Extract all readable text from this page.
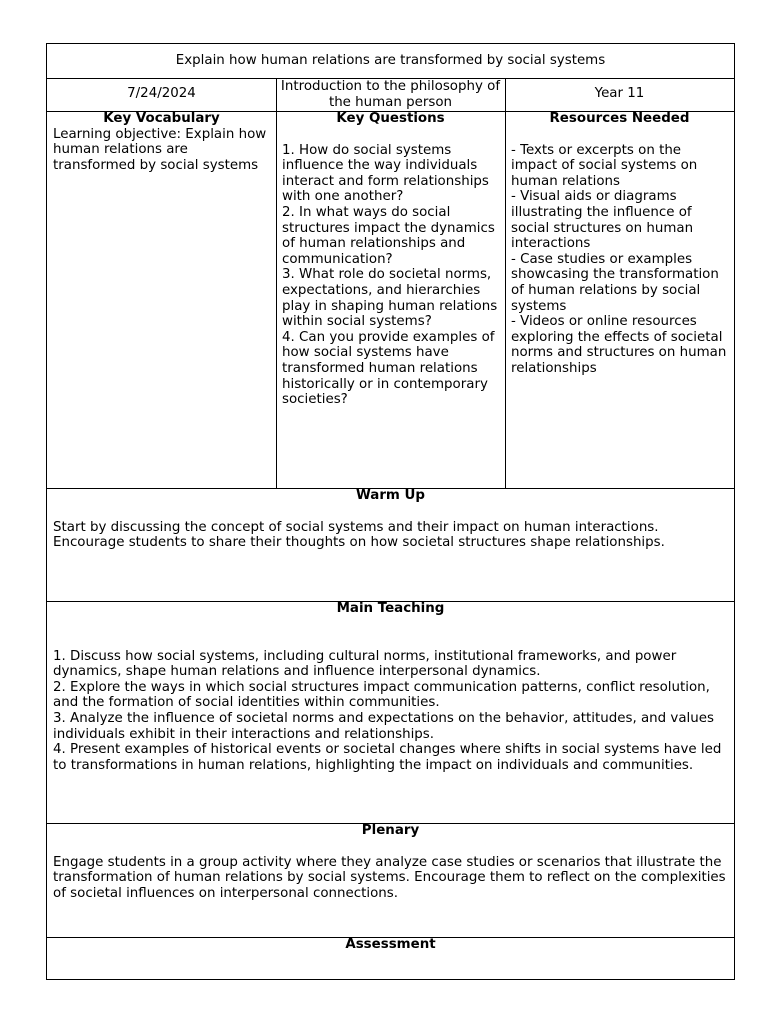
Explain how human relations are transformed by social systems
7/24/2024	Introduction to the philosophy of the human person
Year 11
Key Vocabulary
Learning objective: Explain how human relations are transformed by social systems
Key Questions
1. How do social systems influence the way individuals interact and form relationships with one another?
2. In what ways do social structures impact the dynamics of human relationships and communication?
3. What role do societal norms, expectations, and hierarchies play in shaping human relations within social systems?
4. Can you provide examples of how social systems have transformed human relations historically or in contemporary societies?
Resources Needed
- Texts or excerpts on the impact of social systems on human relations
- Visual aids or diagrams illustrating the influence of social structures on human interactions
- Case studies or examples showcasing the transformation of human relations by social systems
- Videos or online resources exploring the effects of societal norms and structures on human relationships
Warm Up
Start by discussing the concept of social systems and their impact on human interactions. Encourage students to share their thoughts on how societal structures shape relationships.
Main Teaching
1. Discuss how social systems, including cultural norms, institutional frameworks, and power dynamics, shape human relations and influence interpersonal dynamics.
2. Explore the ways in which social structures impact communication patterns, conflict resolution, and the formation of social identities within communities.
3. Analyze the influence of societal norms and expectations on the behavior, attitudes, and values individuals exhibit in their interactions and relationships.
4. Present examples of historical events or societal changes where shifts in social systems have led to transformations in human relations, highlighting the impact on individuals and communities.
Plenary
Engage students in a group activity where they analyze case studies or scenarios that illustrate the transformation of human relations by social systems. Encourage them to reflect on the complexities of societal influences on interpersonal connections.
Assessment
